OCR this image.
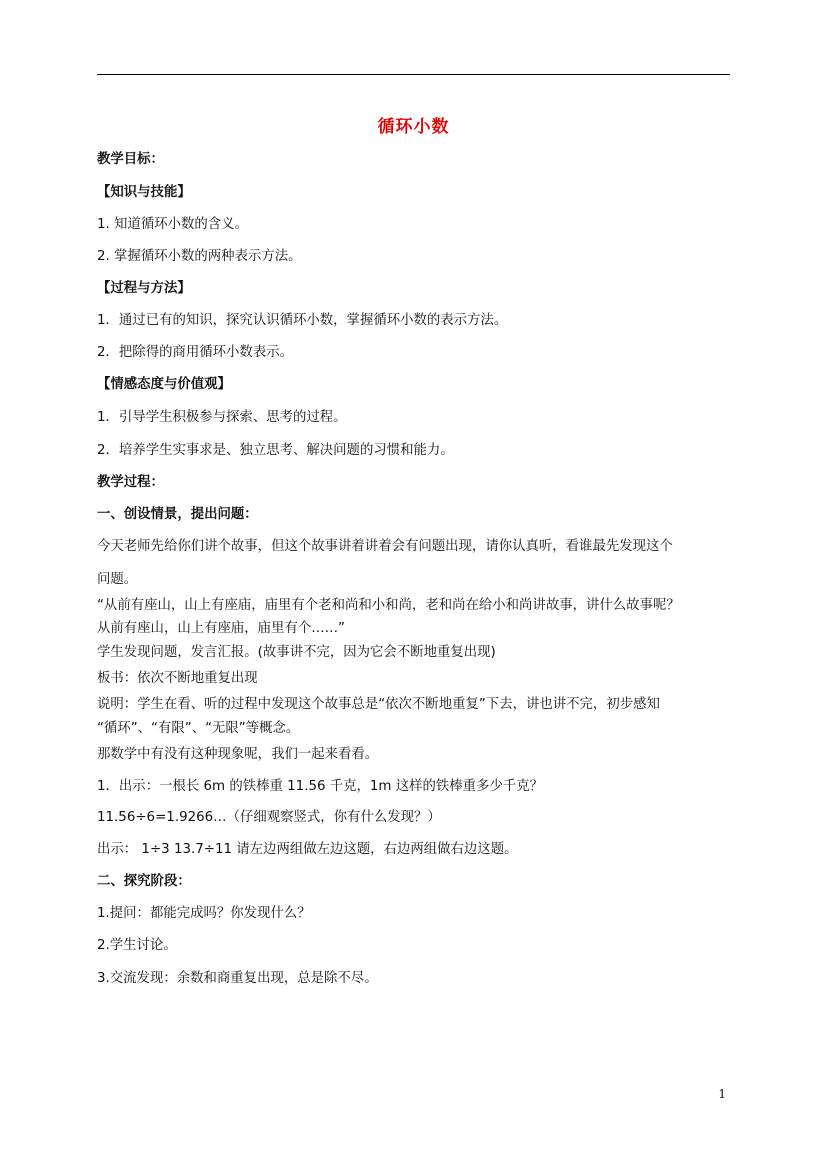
循环小数

教学目标：

【知识与技能】

1. 知道循环小数的含义。

2. 掌握循环小数的两种表示方法。

【过程与方法】

1．通过已有的知识，探究认识循环小数，掌握循环小数的表示方法。

2．把除得的商用循环小数表示。

【情感态度与价值观】

1．引导学生积极参与探索、思考的过程。

2．培养学生实事求是、独立思考、解决问题的习惯和能力。

教学过程：

一、创设情景，提出问题：

今天老师先给你们讲个故事，但这个故事讲着讲着会有问题出现，请你认真听，看谁最先发现这个

问题。

“从前有座山，山上有座庙，庙里有个老和尚和小和尚，老和尚在给小和尚讲故事，讲什么故事呢？

从前有座山，山上有座庙，庙里有个……”

学生发现问题，发言汇报。(故事讲不完，因为它会不断地重复出现)

板书：依次不断地重复出现

说明：学生在看、听的过程中发现这个故事总是“依次不断地重复”下去，讲也讲不完，初步感知

“循环”、“有限”、“无限”等概念。

那数学中有没有这种现象呢，我们一起来看看。

1．出示：一根长 6m 的铁棒重 11.56 千克，1m 这样的铁棒重多少千克？

11.56÷6=1.9266…（仔细观察竖式，你有什么发现？）

出示： 1÷3 13.7÷11 请左边两组做左边这题，右边两组做右边这题。

二、探究阶段：

1.提问：都能完成吗？你发现什么？

2.学生讨论。

3.交流发现：余数和商重复出现，总是除不尽。

1
